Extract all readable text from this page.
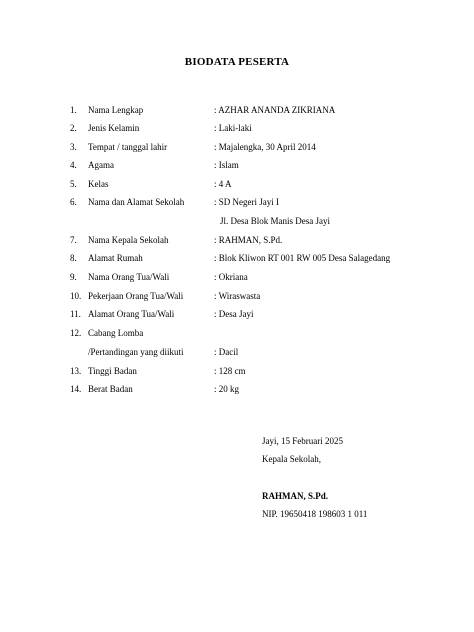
BIODATA PESERTA
1.	Nama Lengkap	: AZHAR ANANDA ZIKRIANA
2.	Jenis Kelamin	: Laki-laki
3.	Tempat / tanggal lahir	: Majalengka, 30 April 2014
4.	Agama	: Islam
5.	Kelas	: 4 A
6.	Nama dan Alamat Sekolah	: SD Negeri Jayi I
Jl. Desa Blok Manis Desa Jayi
7.	Nama Kepala Sekolah	: RAHMAN, S.Pd.
8.	Alamat Rumah	: Blok Kliwon RT 001 RW 005 Desa Salagedang
9.	Nama Orang Tua/Wali	: Okriana
10. Pekerjaan Orang Tua/Wali	: Wiraswasta
11. Alamat Orang Tua/Wali	: Desa Jayi
12. Cabang Lomba
/Pertandingan yang diikuti	: Dacil
13. Tinggi Badan	: 128 cm
14. Berat Badan	: 20 kg
Jayi, 15 Februari 2025
Kepala Sekolah,
RAHMAN, S.Pd.
NIP. 19650418 198603 1 011
